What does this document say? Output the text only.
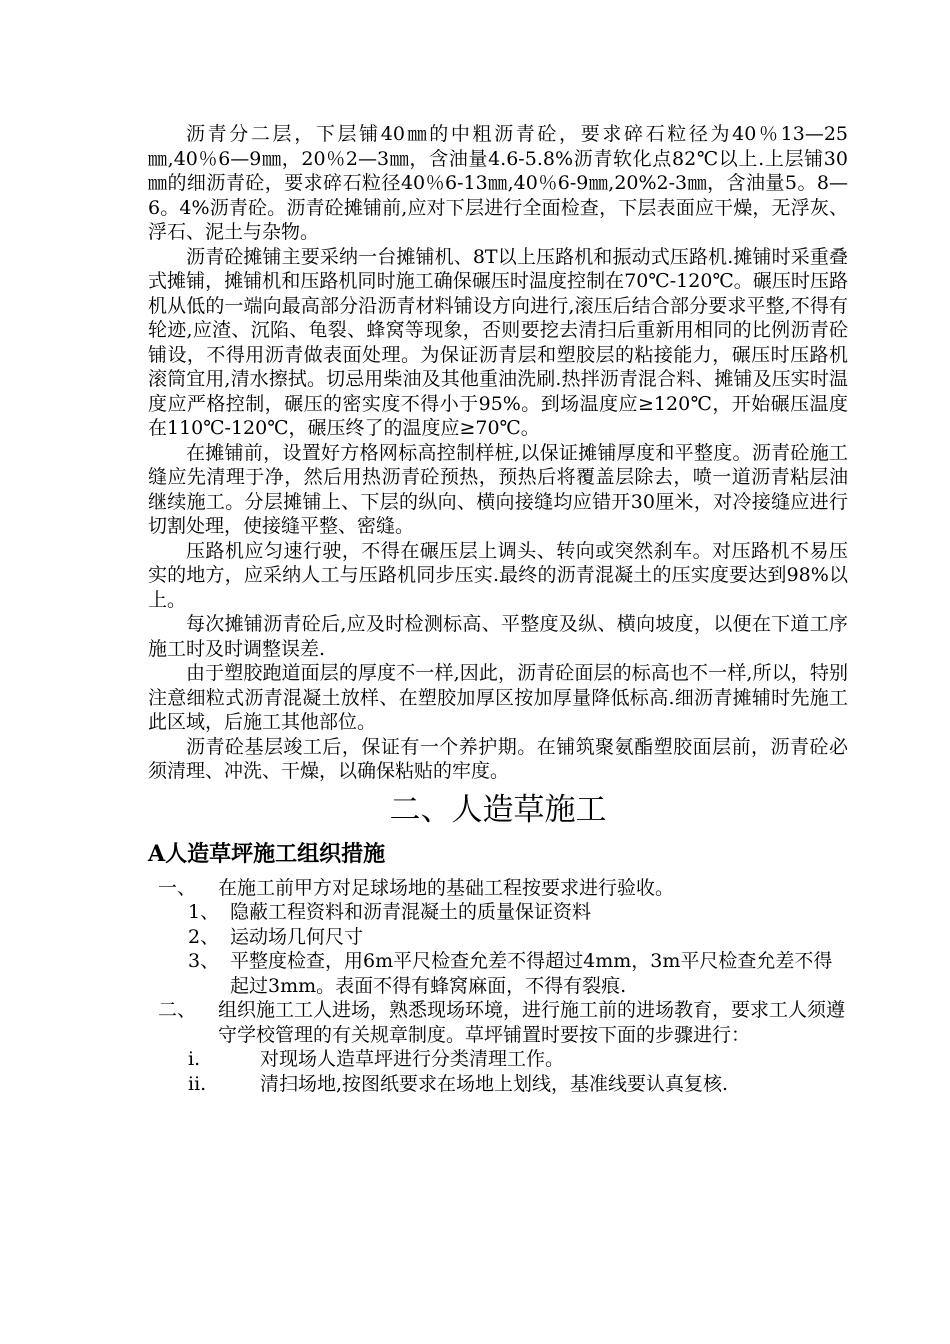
沥青分二层，下层铺40㎜的中粗沥青砼，要求碎石粒径为40％13—25㎜,40％6—9㎜，20％2—3㎜，含油量4.6-5.8%沥青软化点82℃以上.上层铺30㎜的细沥青砼，要求碎石粒径40％6-13㎜,40％6-9㎜,20%2-3㎜，含油量5。8—6。4%沥青砼。沥青砼摊铺前,应对下层进行全面检查，下层表面应干燥，无浮灰、浮石、泥土与杂物。

沥青砼摊铺主要采纳一台摊铺机、8T以上压路机和振动式压路机.摊铺时采重叠式摊铺，摊铺机和压路机同时施工确保碾压时温度控制在70℃-120℃。碾压时压路机从低的一端向最高部分沿沥青材料铺设方向进行,滚压后结合部分要求平整,不得有轮迹,应渣、沉陷、龟裂、蜂窝等现象，否则要挖去清扫后重新用相同的比例沥青砼铺设，不得用沥青做表面处理。为保证沥青层和塑胶层的粘接能力，碾压时压路机滚筒宜用,清水擦拭。切忌用柴油及其他重油洗刷.热拌沥青混合料、摊铺及压实时温度应严格控制，碾压的密实度不得小于95%。到场温度应≥120℃，开始碾压温度在110℃-120℃，碾压终了的温度应≥70℃。

在摊铺前，设置好方格网标高控制样桩,以保证摊铺厚度和平整度。沥青砼施工缝应先清理于净，然后用热沥青砼预热，预热后将覆盖层除去，喷一道沥青粘层油继续施工。分层摊铺上、下层的纵向、横向接缝均应错开30厘米，对冷接缝应进行切割处理，使接缝平整、密缝。

压路机应匀速行驶，不得在碾压层上调头、转向或突然刹车。对压路机不易压实的地方，应采纳人工与压路机同步压实.最终的沥青混凝土的压实度要达到98%以上。

每次摊铺沥青砼后,应及时检测标高、平整度及纵、横向坡度，以便在下道工序施工时及时调整误差.

由于塑胶跑道面层的厚度不一样,因此，沥青砼面层的标高也不一样,所以，特别注意细粒式沥青混凝土放样、在塑胶加厚区按加厚量降低标高.细沥青摊辅时先施工此区域，后施工其他部位。

沥青砼基层竣工后，保证有一个养护期。在铺筑聚氨酯塑胶面层前，沥青砼必须清理、冲洗、干燥，以确保粘贴的牢度。

二、人造草施工
A人造草坪施工组织措施
一、	在施工前甲方对足球场地的基础工程按要求进行验收。
1、 隐蔽工程资料和沥青混凝土的质量保证资料
2、 运动场几何尺寸
3、 平整度检查，用6m平尺检查允差不得超过4mm，3m平尺检查允差不得起过3mm。表面不得有蜂窝麻面，不得有裂痕.
二、	组织施工工人进场，熟悉现场环境，进行施工前的进场教育，要求工人须遵守学校管理的有关规章制度。草坪铺置时要按下面的步骤进行：
i.	对现场人造草坪进行分类清理工作。
ii.	清扫场地,按图纸要求在场地上划线，基准线要认真复核.
